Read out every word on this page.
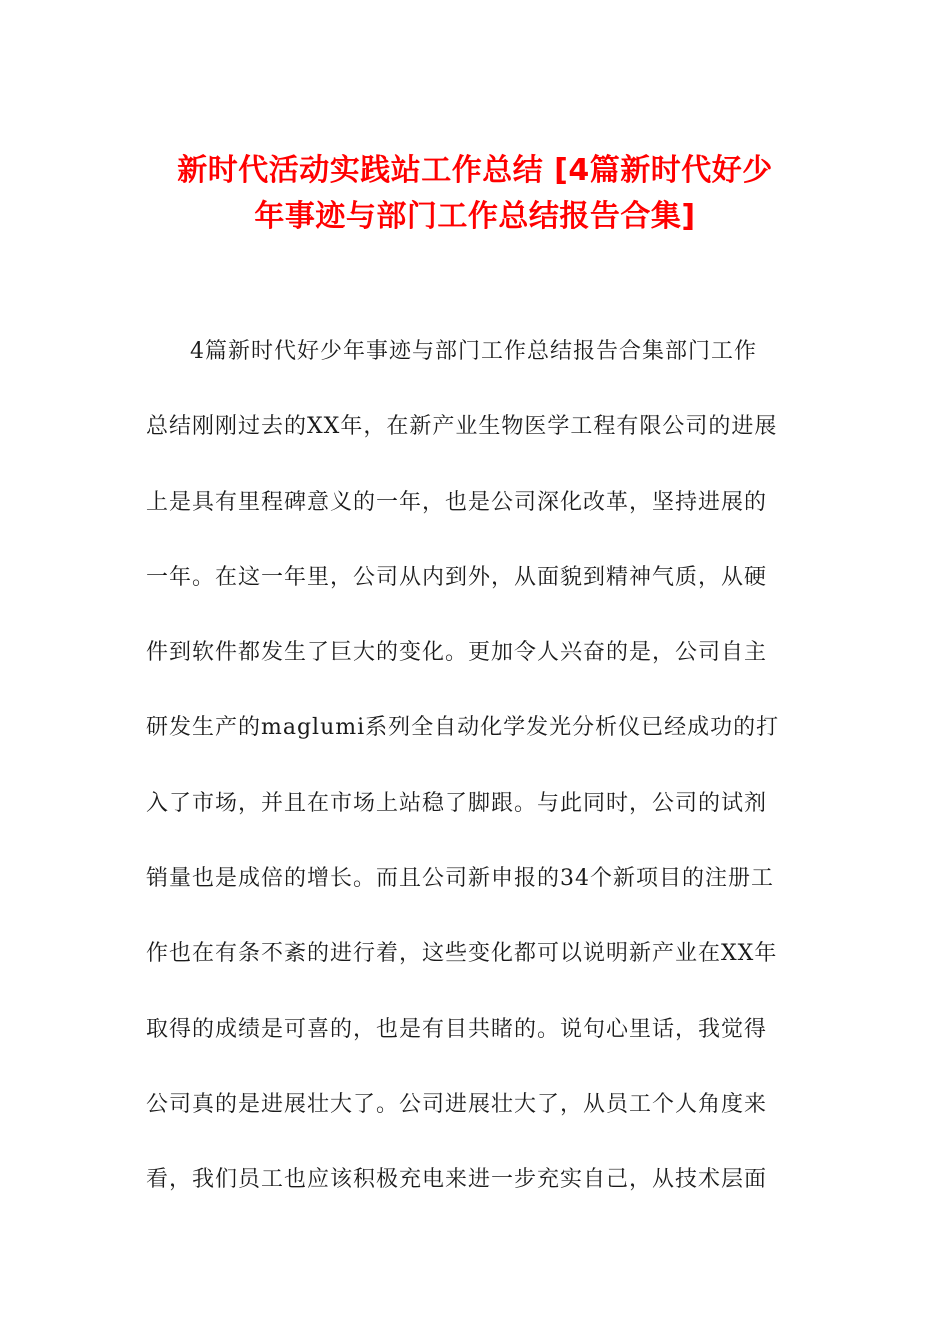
新时代活动实践站工作总结 [4篇新时代好少
年事迹与部门工作总结报告合集]
4篇新时代好少年事迹与部门工作总结报告合集部门工作
总结刚刚过去的XX年，在新产业生物医学工程有限公司的进展
上是具有里程碑意义的一年，也是公司深化改革，坚持进展的
一年。在这一年里，公司从内到外，从面貌到精神气质，从硬
件到软件都发生了巨大的变化。更加令人兴奋的是，公司自主
研发生产的maglumi系列全自动化学发光分析仪已经成功的打
入了市场，并且在市场上站稳了脚跟。与此同时，公司的试剂
销量也是成倍的增长。而且公司新申报的34个新项目的注册工
作也在有条不紊的进行着，这些变化都可以说明新产业在XX年
取得的成绩是可喜的，也是有目共睹的。说句心里话，我觉得
公司真的是进展壮大了。公司进展壮大了，从员工个人角度来
看，我们员工也应该积极充电来进一步充实自己，从技术层面
